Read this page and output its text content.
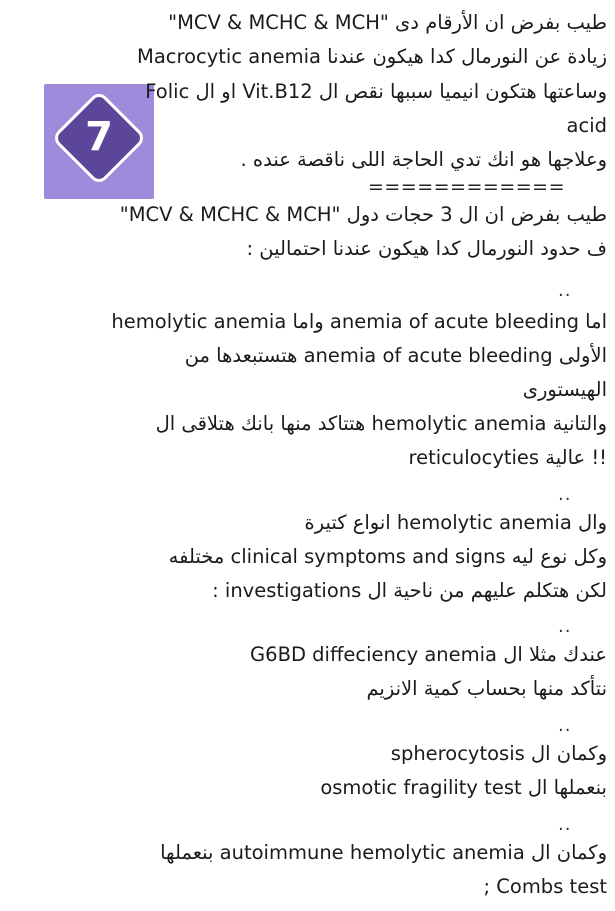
7
طيب بفرض ان الأرقام دى "MCV & MCHC & MCH"
زيادة عن النورمال كدا هيكون عندنا Macrocytic anemia
وساعتها هتكون انيميا سببها نقص ال Vit.B12 او ال Folic
acid
وعلاجها هو انك تدي الحاجة اللى ناقصة عنده .
============
طيب بفرض ان ال 3 حجات دول "MCV & MCHC & MCH"
ف حدود النورمال كدا هيكون عندنا احتمالين :
..
اما anemia of acute bleeding واما hemolytic anemia
الأولى anemia of acute bleeding هتستبعدها من
الهيستورى
والتانية hemolytic anemia هتتاكد منها بانك هتلاقى ال
reticulocyties عالية !!
..
وال hemolytic anemia انواع كتيرة
وكل نوع ليه clinical symptoms and signs مختلفه
لكن هتكلم عليهم من ناحية ال investigations :
..
عندك مثلا ال G6BD diffeciency anemia
نتأكد منها بحساب كمية الانزيم
..
وكمان ال spherocytosis
بنعملها ال osmotic fragility test
..
وكمان ال autoimmune hemolytic anemia بنعملها
; Combs test
